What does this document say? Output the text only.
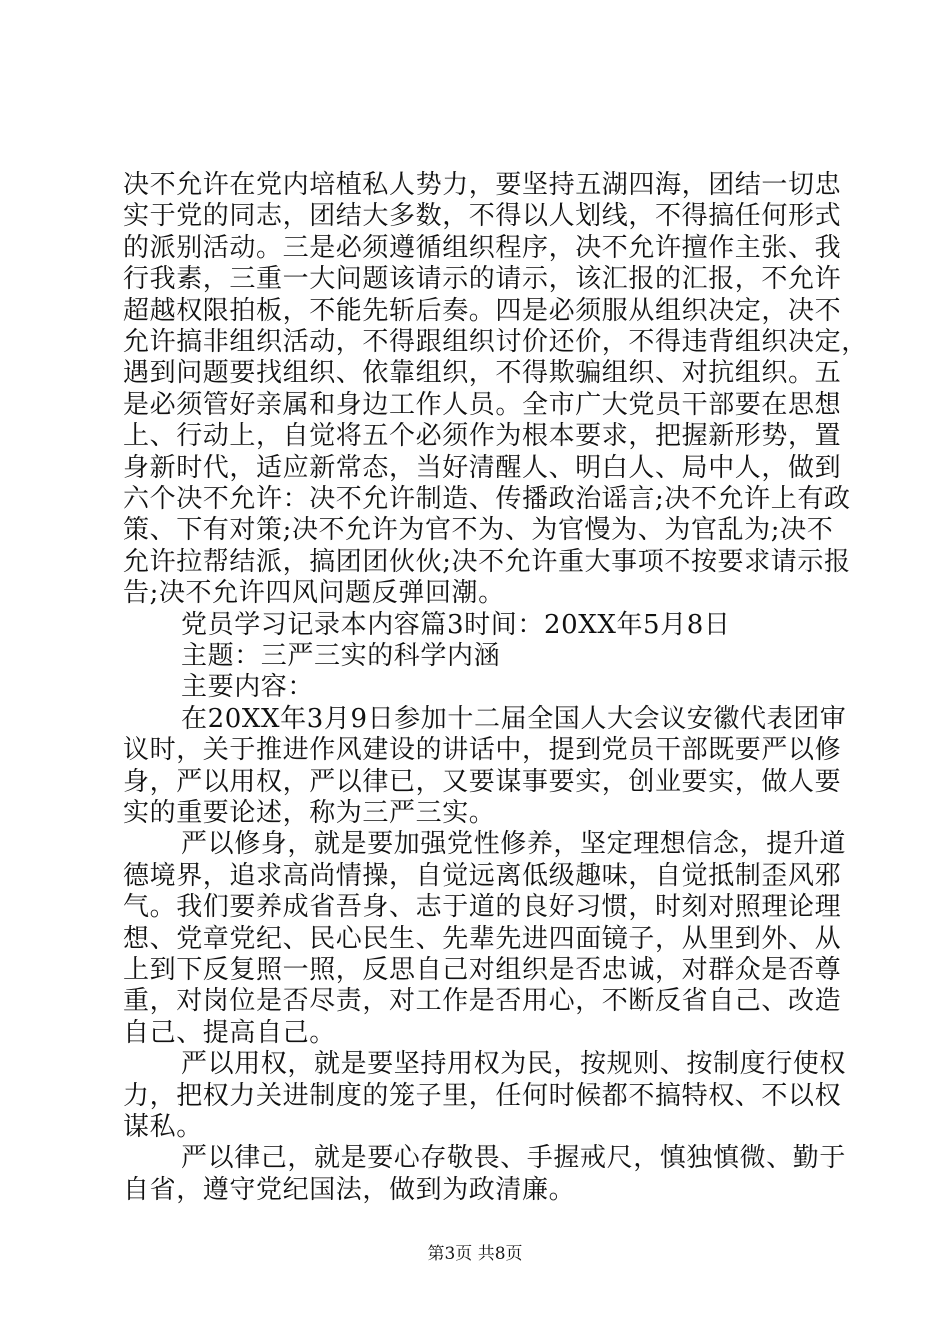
决不允许在党内培植私人势力，要坚持五湖四海，团结一切忠
实于党的同志，团结大多数，不得以人划线，不得搞任何形式
的派别活动。三是必须遵循组织程序，决不允许擅作主张、我
行我素，三重一大问题该请示的请示，该汇报的汇报，不允许
超越权限拍板，不能先斩后奏。四是必须服从组织决定，决不
允许搞非组织活动，不得跟组织讨价还价，不得违背组织决定，
遇到问题要找组织、依靠组织，不得欺骗组织、对抗组织。五
是必须管好亲属和身边工作人员。全市广大党员干部要在思想
上、行动上，自觉将五个必须作为根本要求，把握新形势，置
身新时代，适应新常态，当好清醒人、明白人、局中人，做到
六个决不允许：决不允许制造、传播政治谣言;决不允许上有政
策、下有对策;决不允许为官不为、为官慢为、为官乱为;决不
允许拉帮结派，搞团团伙伙;决不允许重大事项不按要求请示报
告;决不允许四风问题反弹回潮。
党员学习记录本内容篇3时间：20XX年5月8日
主题：三严三实的科学内涵
主要内容：
在20XX年3月9日参加十二届全国人大会议安徽代表团审
议时，关于推进作风建设的讲话中，提到党员干部既要严以修
身，严以用权，严以律已，又要谋事要实，创业要实，做人要
实的重要论述，称为三严三实。
严以修身，就是要加强党性修养，坚定理想信念，提升道
德境界，追求高尚情操，自觉远离低级趣味，自觉抵制歪风邪
气。我们要养成省吾身、志于道的良好习惯，时刻对照理论理
想、党章党纪、民心民生、先辈先进四面镜子，从里到外、从
上到下反复照一照，反思自己对组织是否忠诚，对群众是否尊
重，对岗位是否尽责，对工作是否用心，不断反省自己、改造
自己、提高自己。
严以用权，就是要坚持用权为民，按规则、按制度行使权
力，把权力关进制度的笼子里，任何时候都不搞特权、不以权
谋私。
严以律己，就是要心存敬畏、手握戒尺，慎独慎微、勤于
自省，遵守党纪国法，做到为政清廉。
第3页 共8页
